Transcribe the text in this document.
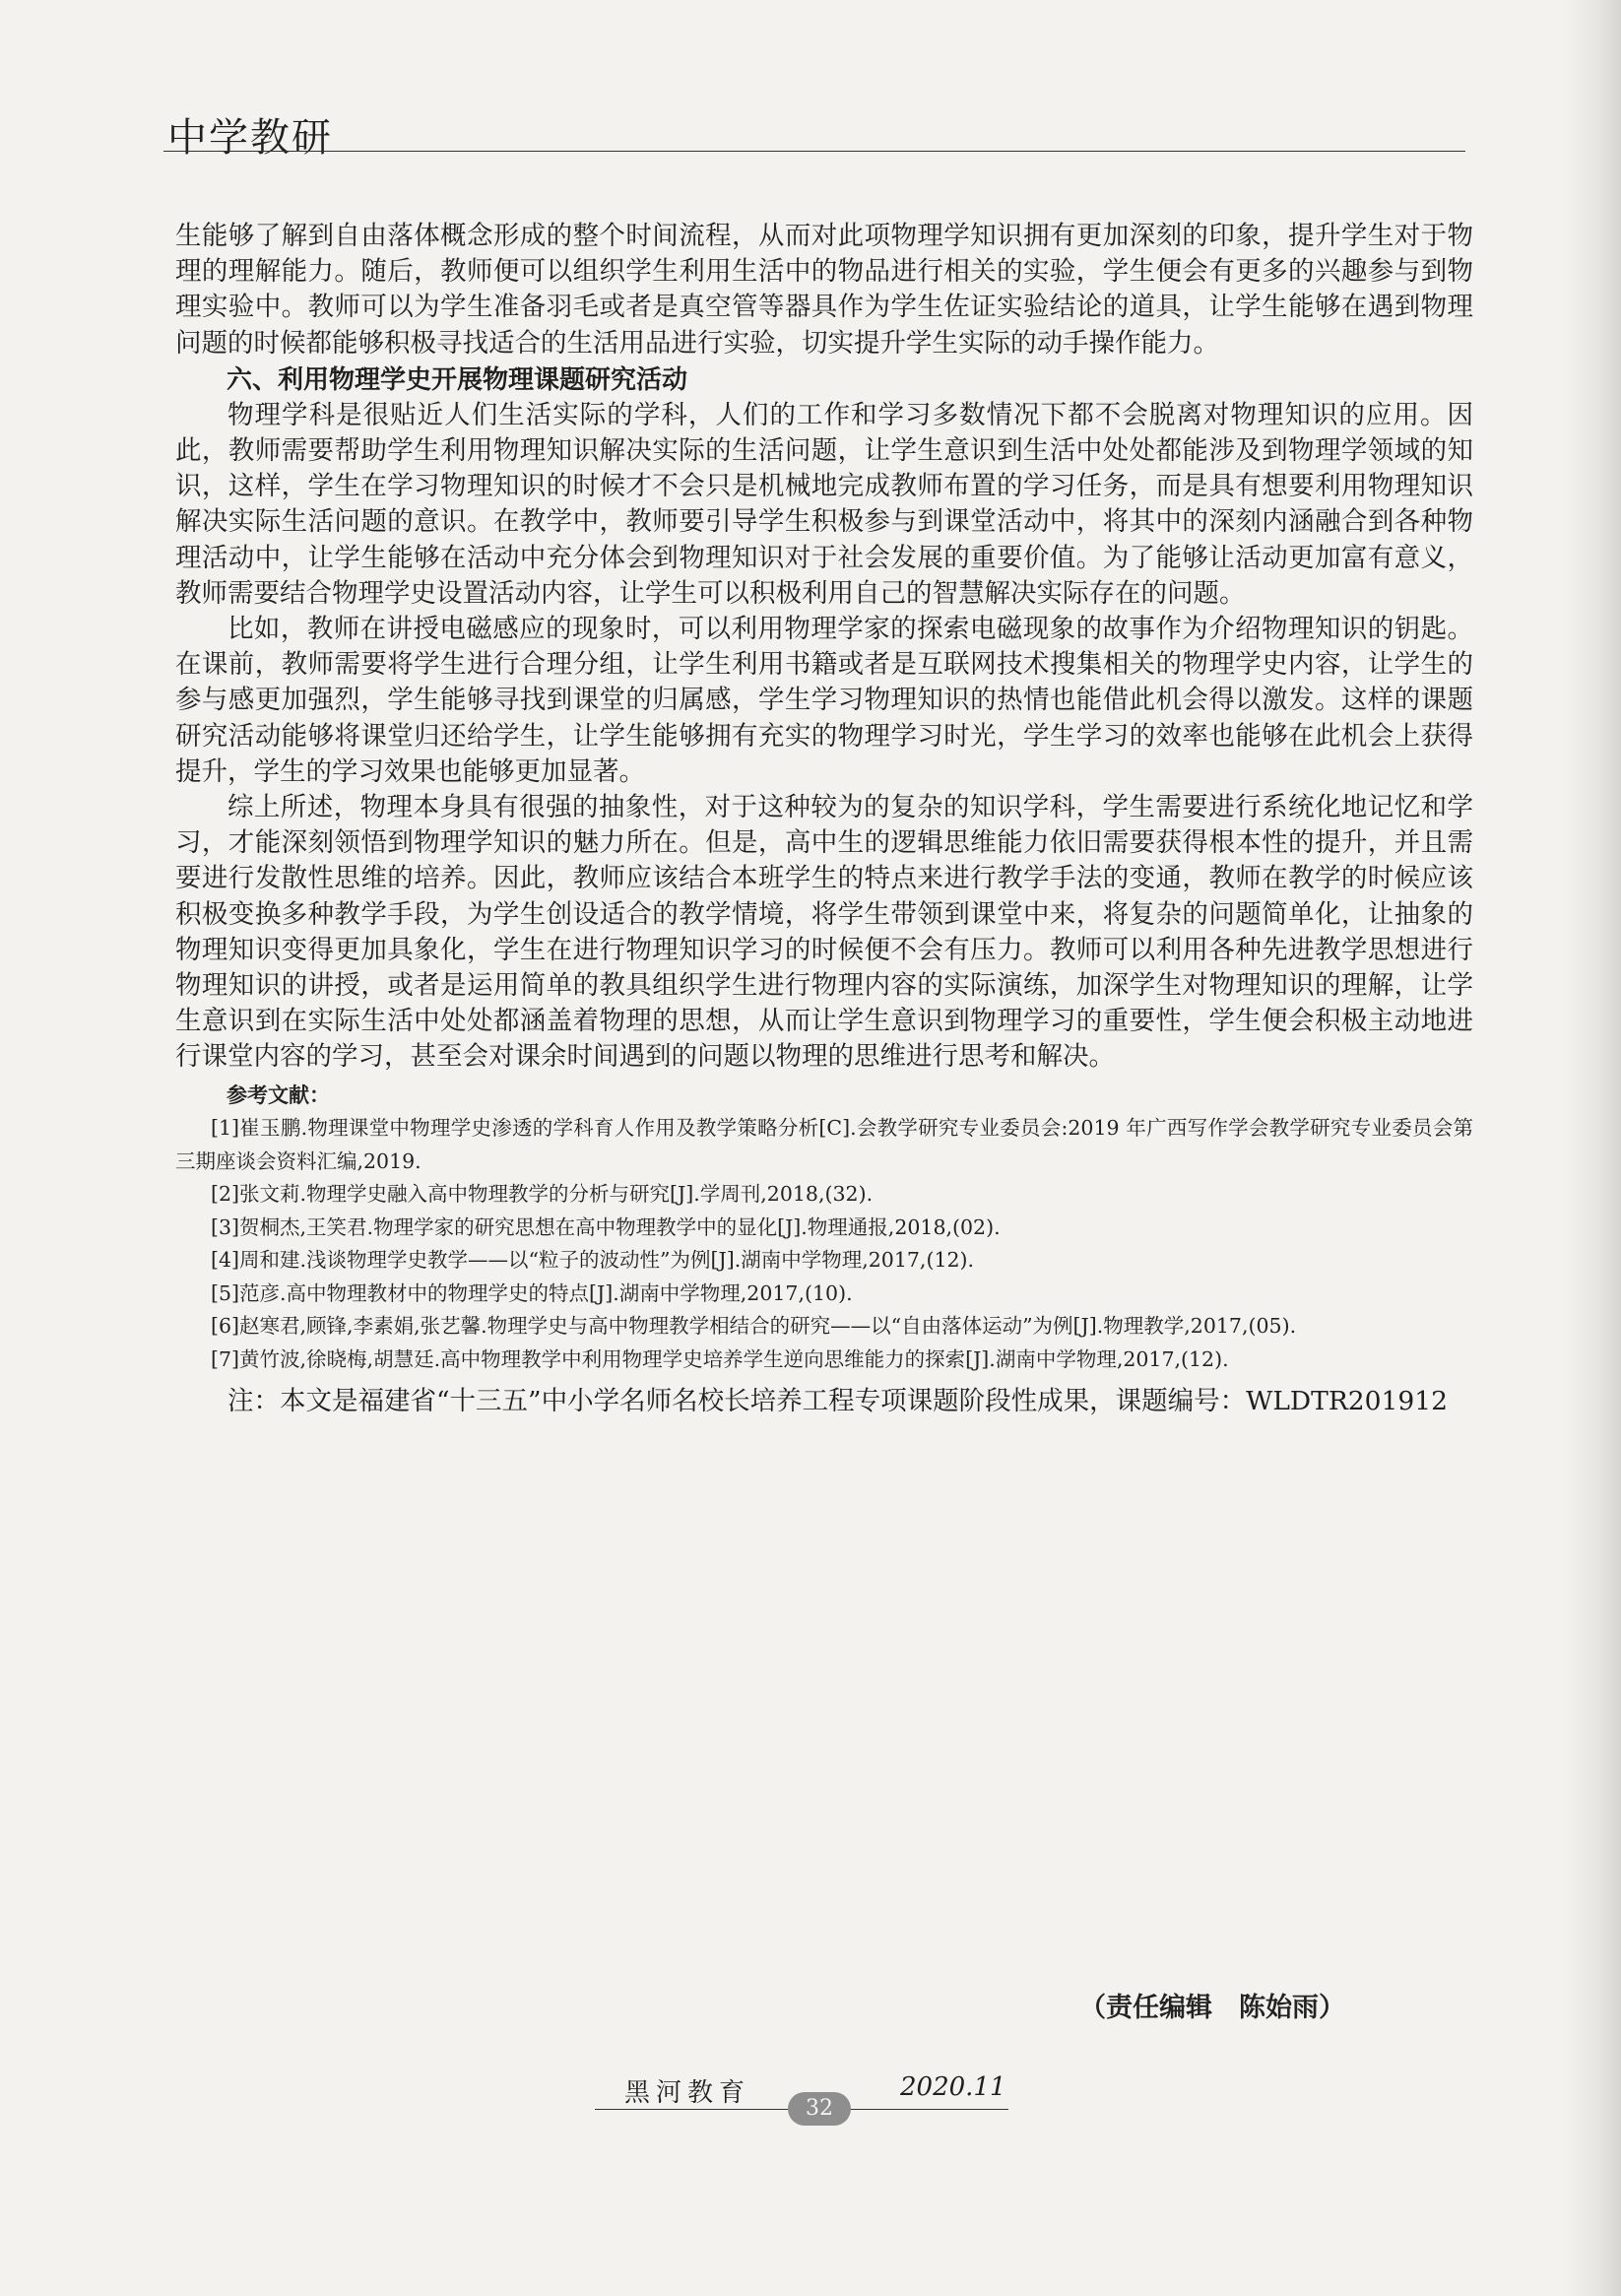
中学教研

生能够了解到自由落体概念形成的整个时间流程，从而对此项物理学知识拥有更加深刻的印象，提升学生对于物理的理解能力。随后，教师便可以组织学生利用生活中的物品进行相关的实验，学生便会有更多的兴趣参与到物理实验中。教师可以为学生准备羽毛或者是真空管等器具作为学生佐证实验结论的道具，让学生能够在遇到物理问题的时候都能够积极寻找适合的生活用品进行实验，切实提升学生实际的动手操作能力。

六、利用物理学史开展物理课题研究活动

物理学科是很贴近人们生活实际的学科，人们的工作和学习多数情况下都不会脱离对物理知识的应用。因此，教师需要帮助学生利用物理知识解决实际的生活问题，让学生意识到生活中处处都能涉及到物理学领域的知识，这样，学生在学习物理知识的时候才不会只是机械地完成教师布置的学习任务，而是具有想要利用物理知识解决实际生活问题的意识。在教学中，教师要引导学生积极参与到课堂活动中，将其中的深刻内涵融合到各种物理活动中，让学生能够在活动中充分体会到物理知识对于社会发展的重要价值。为了能够让活动更加富有意义，教师需要结合物理学史设置活动内容，让学生可以积极利用自己的智慧解决实际存在的问题。

比如，教师在讲授电磁感应的现象时，可以利用物理学家的探索电磁现象的故事作为介绍物理知识的钥匙。在课前，教师需要将学生进行合理分组，让学生利用书籍或者是互联网技术搜集相关的物理学史内容，让学生的参与感更加强烈，学生能够寻找到课堂的归属感，学生学习物理知识的热情也能借此机会得以激发。这样的课题研究活动能够将课堂归还给学生，让学生能够拥有充实的物理学习时光，学生学习的效率也能够在此机会上获得提升，学生的学习效果也能够更加显著。

综上所述，物理本身具有很强的抽象性，对于这种较为的复杂的知识学科，学生需要进行系统化地记忆和学习，才能深刻领悟到物理学知识的魅力所在。但是，高中生的逻辑思维能力依旧需要获得根本性的提升，并且需要进行发散性思维的培养。因此，教师应该结合本班学生的特点来进行教学手法的变通，教师在教学的时候应该积极变换多种教学手段，为学生创设适合的教学情境，将学生带领到课堂中来，将复杂的问题简单化，让抽象的物理知识变得更加具象化，学生在进行物理知识学习的时候便不会有压力。教师可以利用各种先进教学思想进行物理知识的讲授，或者是运用简单的教具组织学生进行物理内容的实际演练，加深学生对物理知识的理解，让学生意识到在实际生活中处处都涵盖着物理的思想，从而让学生意识到物理学习的重要性，学生便会积极主动地进行课堂内容的学习，甚至会对课余时间遇到的问题以物理的思维进行思考和解决。

参考文献：
[1]崔玉鹏.物理课堂中物理学史渗透的学科育人作用及教学策略分析[C].会教学研究专业委员会:2019 年广西写作学会教学研究专业委员会第三期座谈会资料汇编,2019.
[2]张文莉.物理学史融入高中物理教学的分析与研究[J].学周刊,2018,(32).
[3]贺桐杰,王笑君.物理学家的研究思想在高中物理教学中的显化[J].物理通报,2018,(02).
[4]周和建.浅谈物理学史教学——以“粒子的波动性”为例[J].湖南中学物理,2017,(12).
[5]范彦.高中物理教材中的物理学史的特点[J].湖南中学物理,2017,(10).
[6]赵寒君,顾锋,李素娟,张艺馨.物理学史与高中物理教学相结合的研究——以“自由落体运动”为例[J].物理教学,2017,(05).
[7]黄竹波,徐晓梅,胡慧廷.高中物理教学中利用物理学史培养学生逆向思维能力的探索[J].湖南中学物理,2017,(12).
注：本文是福建省“十三五”中小学名师名校长培养工程专项课题阶段性成果，课题编号：WLDTR201912
（责任编辑　陈始雨）
黑河教育	2020.11
32
